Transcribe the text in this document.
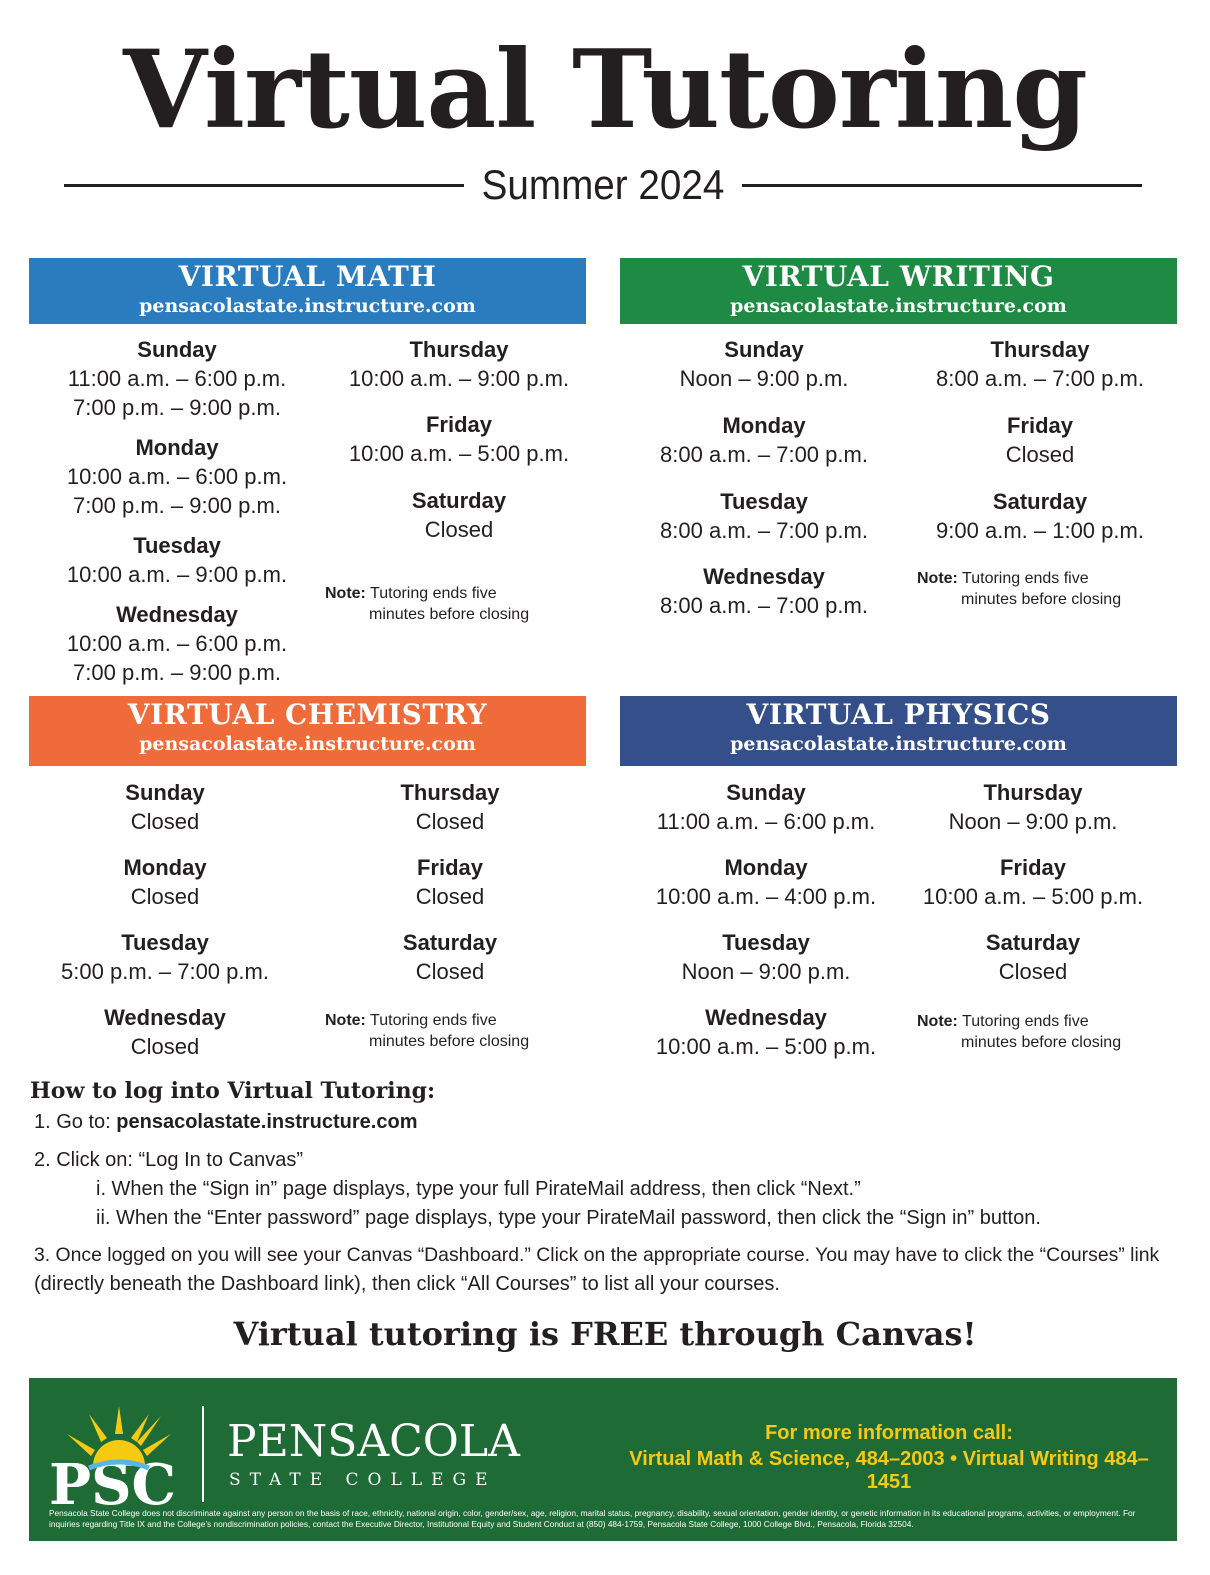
Virtual Tutoring
Summer 2024
VIRTUAL MATH
pensacolastate.instructure.com
Sunday
11:00 a.m. – 6:00 p.m.
7:00 p.m. – 9:00 p.m.
Monday
10:00 a.m. – 6:00 p.m.
7:00 p.m. – 9:00 p.m.
Tuesday
10:00 a.m. – 9:00 p.m.
Wednesday
10:00 a.m. – 6:00 p.m.
7:00 p.m. – 9:00 p.m.
Thursday
10:00 a.m. – 9:00 p.m.
Friday
10:00 a.m. – 5:00 p.m.
Saturday
Closed
Note: Tutoring ends five
minutes before closing
VIRTUAL WRITING
pensacolastate.instructure.com
Sunday
Noon – 9:00 p.m.
Monday
8:00 a.m. – 7:00 p.m.
Tuesday
8:00 a.m. – 7:00 p.m.
Wednesday
8:00 a.m. – 7:00 p.m.
Thursday
8:00 a.m. – 7:00 p.m.
Friday
Closed
Saturday
9:00 a.m. – 1:00 p.m.
Note: Tutoring ends five
minutes before closing
VIRTUAL CHEMISTRY
pensacolastate.instructure.com
Sunday
Closed
Monday
Closed
Tuesday
5:00 p.m. – 7:00 p.m.
Wednesday
Closed
Thursday
Closed
Friday
Closed
Saturday
Closed
Note: Tutoring ends five
minutes before closing
VIRTUAL PHYSICS
pensacolastate.instructure.com
Sunday
11:00 a.m. – 6:00 p.m.
Monday
10:00 a.m. – 4:00 p.m.
Tuesday
Noon – 9:00 p.m.
Wednesday
10:00 a.m. – 5:00 p.m.
Thursday
Noon – 9:00 p.m.
Friday
10:00 a.m. – 5:00 p.m.
Saturday
Closed
Note: Tutoring ends five
minutes before closing
How to log into Virtual Tutoring:
1. Go to: pensacolastate.instructure.com
2. Click on: “Log In to Canvas”
i. When the “Sign in” page displays, type your full PirateMail address, then click “Next.”
ii. When the “Enter password” page displays, type your PirateMail password, then click the “Sign in” button.
3. Once logged on you will see your Canvas “Dashboard.” Click on the appropriate course. You may have to click the “Courses” link
(directly beneath the Dashboard link), then click “All Courses” to list all your courses.
Virtual tutoring is FREE through Canvas!
PSC
PENSACOLA
STATE COLLEGE
For more information call:
Virtual Math & Science, 484–2003 • Virtual Writing 484–1451
Pensacola State College does not discriminate against any person on the basis of race, ethnicity, national origin, color, gender/sex, age, religion, marital status, pregnancy, disability, sexual orientation, gender identity, or genetic information in its educational programs, activities, or employment. For inquiries regarding Title IX and the College’s nondiscrimination policies, contact the Executive Director, Institutional Equity and Student Conduct at (850) 484-1759, Pensacola State College, 1000 College Blvd., Pensacola, Florida 32504.
